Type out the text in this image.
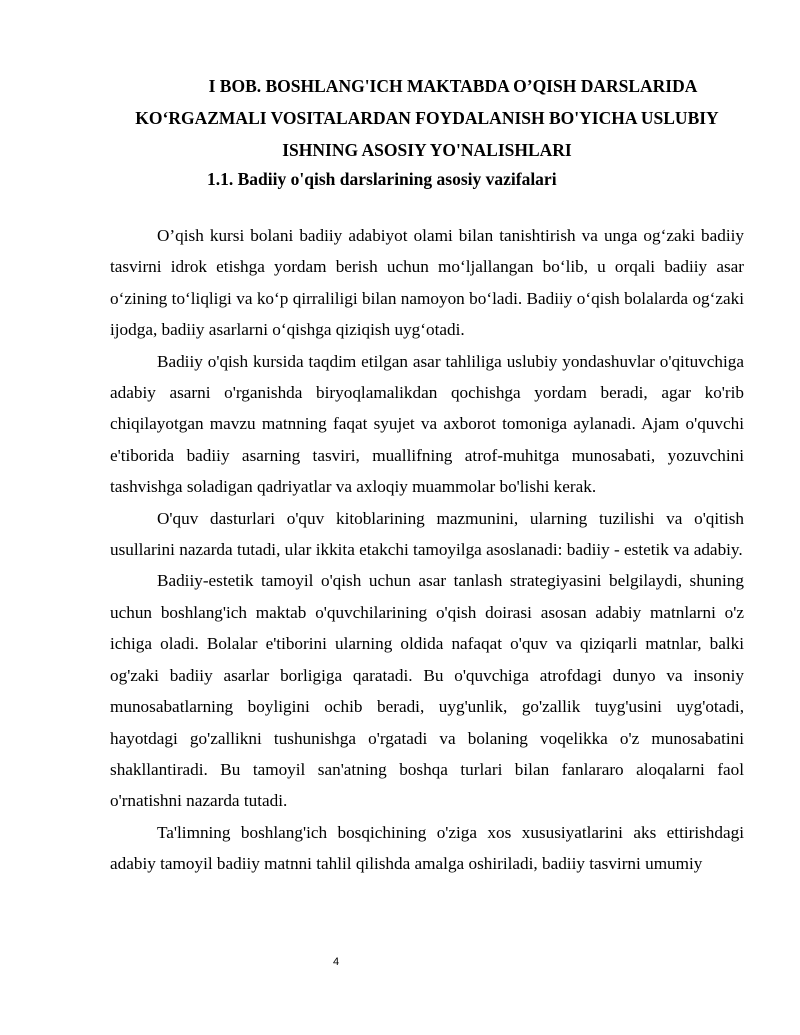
I BOB. BOSHLANG'ICH MAKTABDA O’QISH DARSLARIDA
KO‘RGAZMALI VOSITALARDAN FOYDALANISH BO'YICHA USLUBIY
ISHNING ASOSIY YO'NALISHLARI
1.1. Badiiy o'qish darslarining asosiy vazifalari

O’qish kursi bolani badiiy adabiyot olami bilan tanishtirish va unga og‘zaki badiiy tasvirni idrok etishga yordam berish uchun mo‘ljallangan bo‘lib, u orqali badiiy asar o‘zining to‘liqligi va ko‘p qirraliligi bilan namoyon bo‘ladi. Badiiy o‘qish bolalarda og‘zaki ijodga, badiiy asarlarni o‘qishga qiziqish uyg‘otadi.

Badiiy o'qish kursida taqdim etilgan asar tahliliga uslubiy yondashuvlar o'qituvchiga adabiy asarni o'rganishda biryoqlamalikdan qochishga yordam beradi, agar ko'rib chiqilayotgan mavzu matnning faqat syujet va axborot tomoniga aylanadi. Ajam o'quvchi e'tiborida badiiy asarning tasviri, muallifning atrof-muhitga munosabati, yozuvchini tashvishga soladigan qadriyatlar va axloqiy muammolar bo'lishi kerak.

O'quv dasturlari o'quv kitoblarining mazmunini, ularning tuzilishi va o'qitish usullarini nazarda tutadi, ular ikkita etakchi tamoyilga asoslanadi: badiiy - estetik va adabiy.

Badiiy-estetik tamoyil o'qish uchun asar tanlash strategiyasini belgilaydi, shuning uchun boshlang'ich maktab o'quvchilarining o'qish doirasi asosan adabiy matnlarni o'z ichiga oladi. Bolalar e'tiborini ularning oldida nafaqat o'quv va qiziqarli matnlar, balki og'zaki badiiy asarlar borligiga qaratadi. Bu o'quvchiga atrofdagi dunyo va insoniy munosabatlarning boyligini ochib beradi, uyg'unlik, go'zallik tuyg'usini uyg'otadi, hayotdagi go'zallikni tushunishga o'rgatadi va bolaning voqelikka o'z munosabatini shakllantiradi. Bu tamoyil san'atning boshqa turlari bilan fanlararo aloqalarni faol o'rnatishni nazarda tutadi.

Ta'limning boshlang'ich bosqichining o'ziga xos xususiyatlarini aks ettirishdagi adabiy tamoyil badiiy matnni tahlil qilishda amalga oshiriladi, badiiy tasvirni umumiy

4
